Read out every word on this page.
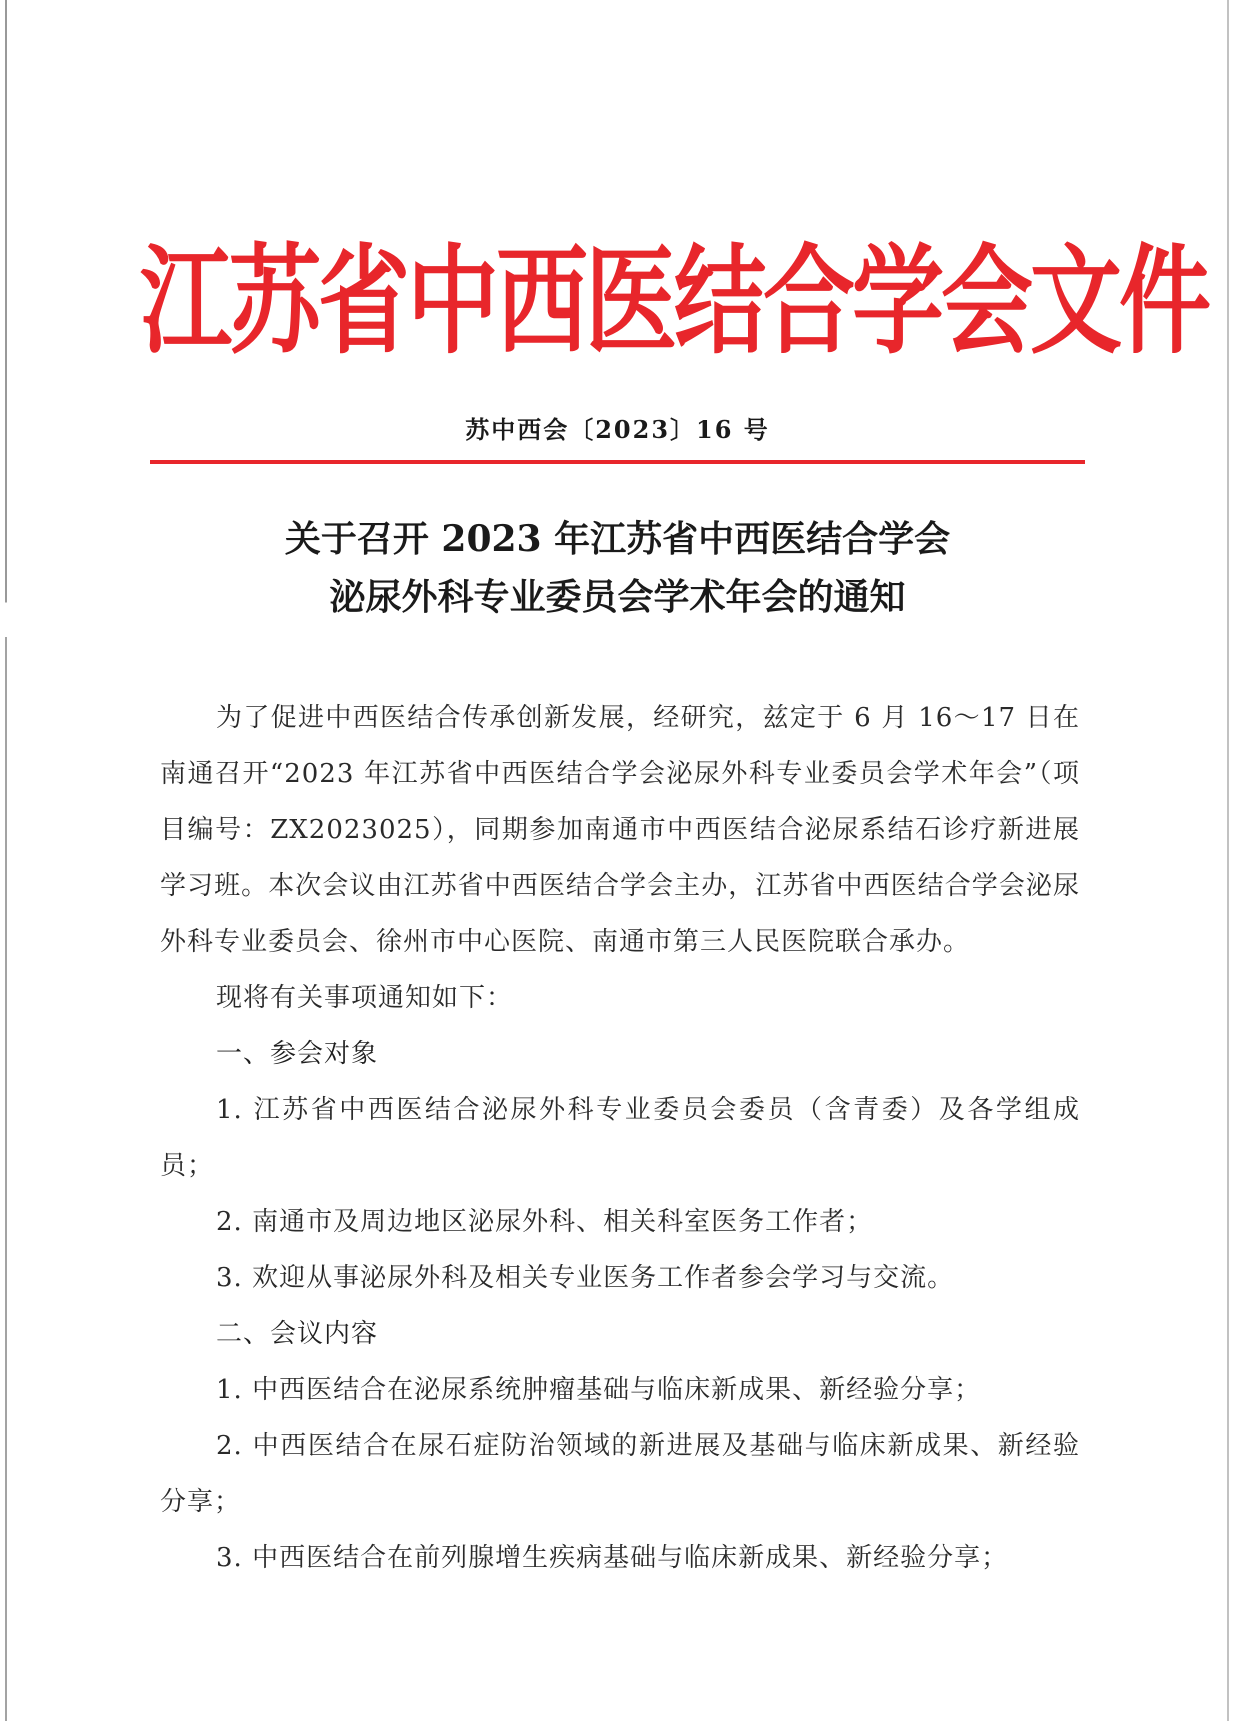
江苏省中西医结合学会文件
苏中西会〔2023〕16 号
关于召开 2023 年江苏省中西医结合学会
泌尿外科专业委员会学术年会的通知

为了促进中西医结合传承创新发展，经研究，兹定于 6 月 16～17 日在南通召开“2023 年江苏省中西医结合学会泌尿外科专业委员会学术年会”（项目编号：ZX2023025），同期参加南通市中西医结合泌尿系结石诊疗新进展学习班。本次会议由江苏省中西医结合学会主办，江苏省中西医结合学会泌尿外科专业委员会、徐州市中心医院、南通市第三人民医院联合承办。

现将有关事项通知如下：

一、参会对象

1. 江苏省中西医结合泌尿外科专业委员会委员（含青委）及各学组成员；

2. 南通市及周边地区泌尿外科、相关科室医务工作者；

3. 欢迎从事泌尿外科及相关专业医务工作者参会学习与交流。

二、会议内容

1. 中西医结合在泌尿系统肿瘤基础与临床新成果、新经验分享；

2. 中西医结合在尿石症防治领域的新进展及基础与临床新成果、新经验分享；

3. 中西医结合在前列腺增生疾病基础与临床新成果、新经验分享；
